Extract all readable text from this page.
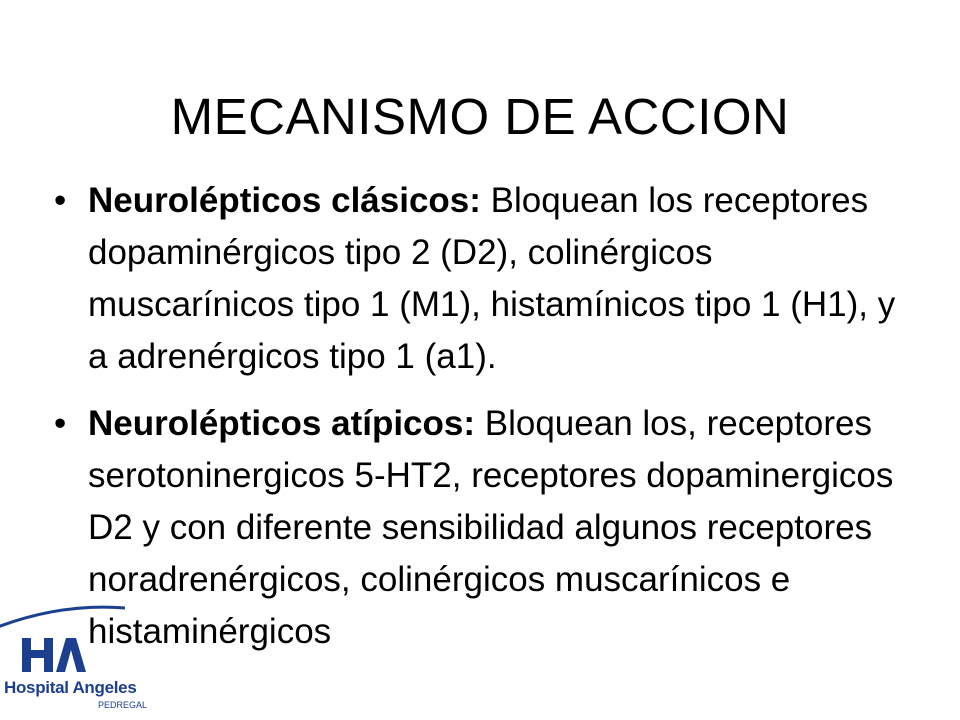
MECANISMO DE ACCION
• Neurolépticos clásicos: Bloquean los receptores dopaminérgicos tipo 2 (D2), colinérgicos muscarínicos tipo 1 (M1), histamínicos tipo 1 (H1), y a adrenérgicos tipo 1 (a1).
• Neurolépticos atípicos: Bloquean los, receptores serotoninergicos 5-HT2, receptores dopaminergicos D2 y con diferente sensibilidad algunos receptores noradrenérgicos, colinérgicos muscarínicos e histaminérgicos
Hospital Angeles
PEDREGAL
